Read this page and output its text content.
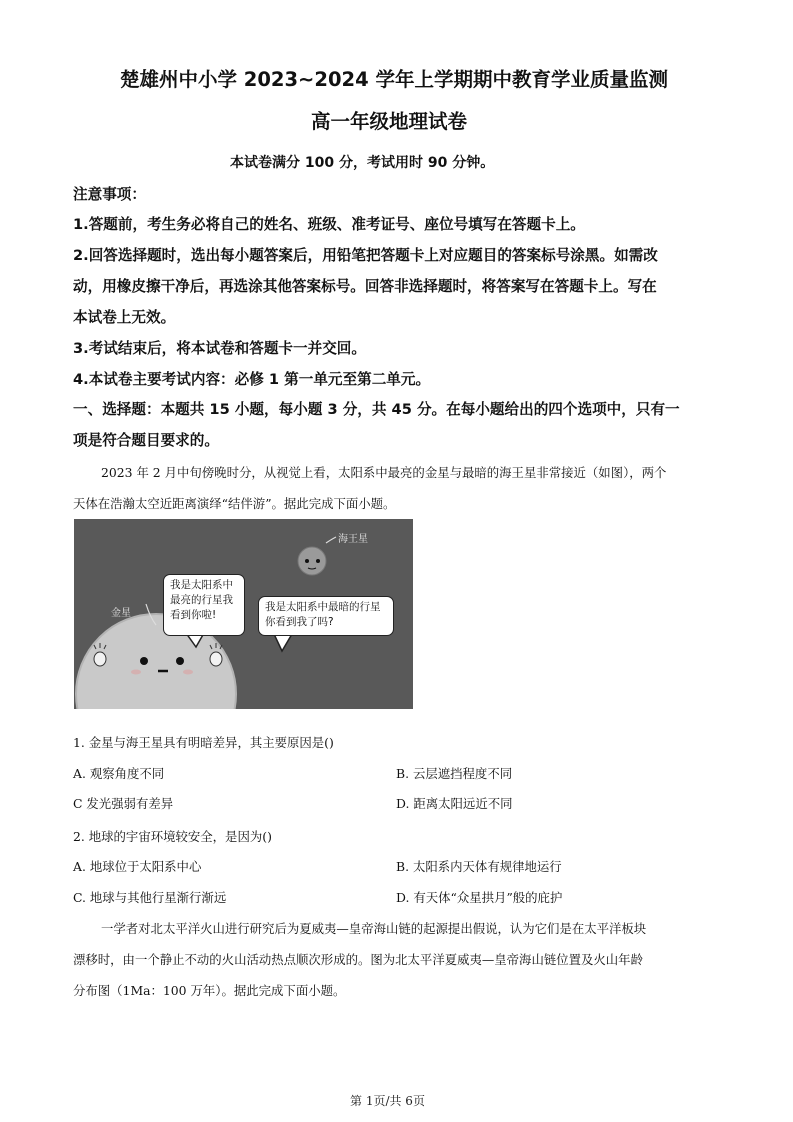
楚雄州中小学 2023~2024 学年上学期期中教育学业质量监测
高一年级地理试卷
本试卷满分 100 分，考试用时 90 分钟。
注意事项：
1.答题前，考生务必将自己的姓名、班级、准考证号、座位号填写在答题卡上。
2.回答选择题时，选出每小题答案后，用铅笔把答题卡上对应题目的答案标号涂黑。如需改
动，用橡皮擦干净后，再选涂其他答案标号。回答非选择题时，将答案写在答题卡上。写在
本试卷上无效。
3.考试结束后，将本试卷和答题卡一并交回。
4.本试卷主要考试内容：必修 1 第一单元至第二单元。
一、选择题：本题共 15 小题，每小题 3 分，共 45 分。在每小题给出的四个选项中，只有一
项是符合题目要求的。
2023 年 2 月中旬傍晚时分，从视觉上看，太阳系中最亮的金星与最暗的海王星非常接近（如图），两个
天体在浩瀚太空近距离演绎“结伴游”。据此完成下面小题。
海王星
金星
我是太阳系中最亮的行星我看到你啦!
我是太阳系中最暗的行星你看到我了吗?
1. 金星与海王星具有明暗差异，其主要原因是()
A. 观察角度不同	B. 云层遮挡程度不同
C 发光强弱有差异	D. 距离太阳远近不同
2. 地球的宇宙环境较安全，是因为()
A. 地球位于太阳系中心	B. 太阳系内天体有规律地运行
C. 地球与其他行星渐行渐远	D. 有天体“众星拱月”般的庇护
一学者对北太平洋火山进行研究后为夏威夷—皇帝海山链的起源提出假说，认为它们是在太平洋板块
漂移时，由一个静止不动的火山活动热点顺次形成的。图为北太平洋夏威夷—皇帝海山链位置及火山年龄
分布图（1Ma：100 万年）。据此完成下面小题。
第 1页/共 6页
